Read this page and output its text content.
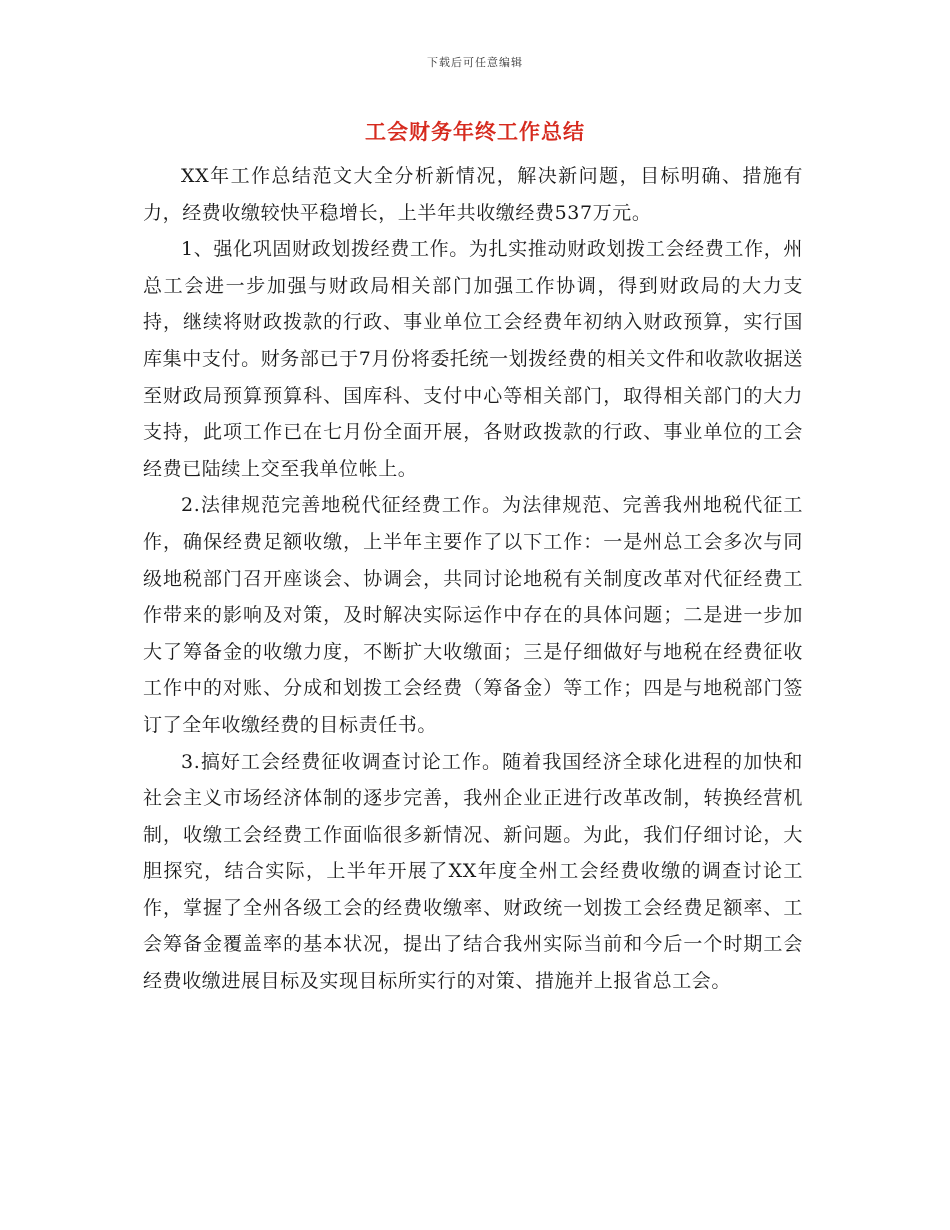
下载后可任意编辑
工会财务年终工作总结

XX年工作总结范文大全分析新情况，解决新问题，目标明确、措施有力，经费收缴较快平稳增长，上半年共收缴经费537万元。

1、强化巩固财政划拨经费工作。为扎实推动财政划拨工会经费工作，州总工会进一步加强与财政局相关部门加强工作协调，得到财政局的大力支持，继续将财政拨款的行政、事业单位工会经费年初纳入财政预算，实行国库集中支付。财务部已于7月份将委托统一划拨经费的相关文件和收款收据送至财政局预算预算科、国库科、支付中心等相关部门，取得相关部门的大力支持，此项工作已在七月份全面开展，各财政拨款的行政、事业单位的工会经费已陆续上交至我单位帐上。

2.法律规范完善地税代征经费工作。为法律规范、完善我州地税代征工作，确保经费足额收缴，上半年主要作了以下工作：一是州总工会多次与同级地税部门召开座谈会、协调会，共同讨论地税有关制度改革对代征经费工作带来的影响及对策，及时解决实际运作中存在的具体问题；二是进一步加大了筹备金的收缴力度，不断扩大收缴面；三是仔细做好与地税在经费征收工作中的对账、分成和划拨工会经费（筹备金）等工作；四是与地税部门签订了全年收缴经费的目标责任书。

3.搞好工会经费征收调查讨论工作。随着我国经济全球化进程的加快和社会主义市场经济体制的逐步完善，我州企业正进行改革改制，转换经营机制，收缴工会经费工作面临很多新情况、新问题。为此，我们仔细讨论，大胆探究，结合实际，上半年开展了XX年度全州工会经费收缴的调查讨论工作，掌握了全州各级工会的经费收缴率、财政统一划拨工会经费足额率、工会筹备金覆盖率的基本状况，提出了结合我州实际当前和今后一个时期工会经费收缴进展目标及实现目标所实行的对策、措施并上报省总工会。
